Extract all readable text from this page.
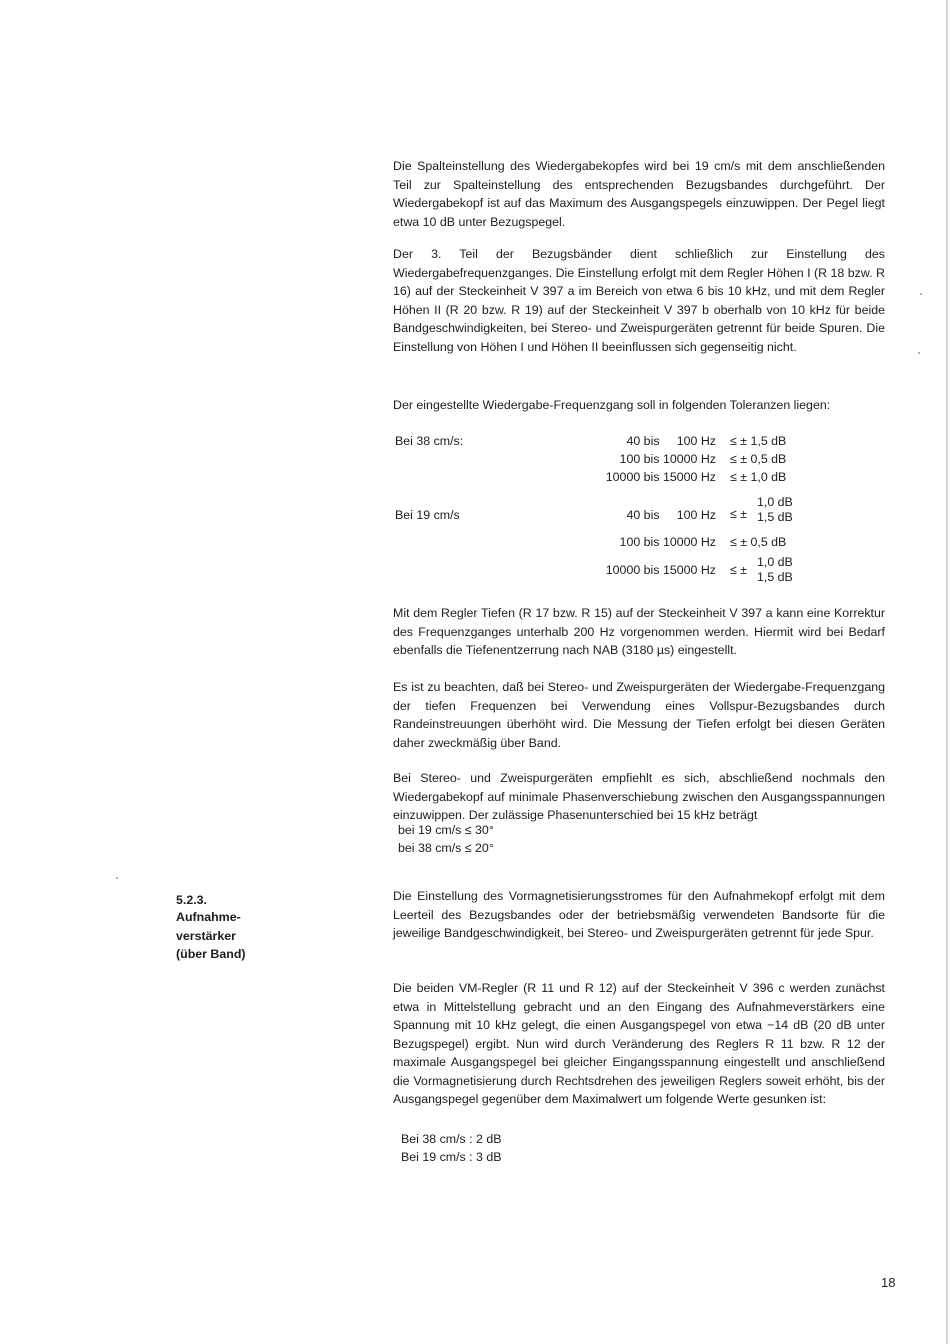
Die Spalteinstellung des Wiedergabekopfes wird bei 19 cm/s mit dem anschließenden Teil zur Spalteinstellung des entsprechenden Bezugsbandes durchgeführt. Der Wiedergabekopf ist auf das Maximum des Ausgangspegels einzuwippen. Der Pegel liegt etwa 10 dB unter Bezugspegel.

Der 3. Teil der Bezugsbänder dient schließlich zur Einstellung des Wiedergabefrequenzganges. Die Einstellung erfolgt mit dem Regler Höhen I (R 18 bzw. R 16) auf der Steckeinheit V 397 a im Bereich von etwa 6 bis 10 kHz, und mit dem Regler Höhen II (R 20 bzw. R 19) auf der Steckeinheit V 397 b oberhalb von 10 kHz für beide Bandgeschwindigkeiten, bei Stereo- und Zweispurgeräten getrennt für beide Spuren. Die Einstellung von Höhen I und Höhen II beeinflussen sich gegenseitig nicht.

Der eingestellte Wiedergabe-Frequenzgang soll in folgenden Toleranzen liegen:

Bei 38 cm/s:	40 bis     100 Hz ≤ ± 1,5 dB
100 bis 10000 Hz ≤ ± 0,5 dB
10000 bis 15000 Hz ≤ ± 1,0 dB
Bei 19 cm/s	40 bis     100 Hz ≤ ±
1,0 dB
1,5 dB
100 bis 10000 Hz ≤ ± 0,5 dB
10000 bis 15000 Hz ≤ ±
1,0 dB
1,5 dB

Mit dem Regler Tiefen (R 17 bzw. R 15) auf der Steckeinheit V 397 a kann eine Korrektur des Frequenzganges unterhalb 200 Hz vorgenommen werden. Hiermit wird bei Bedarf ebenfalls die Tiefenentzerrung nach NAB (3180 µs) eingestellt.

Es ist zu beachten, daß bei Stereo- und Zweispurgeräten der Wiedergabe-Frequenzgang der tiefen Frequenzen bei Verwendung eines Vollspur-Bezugsbandes durch Randeinstreuungen überhöht wird. Die Messung der Tiefen erfolgt bei diesen Geräten daher zweckmäßig über Band.

Bei Stereo- und Zweispurgeräten empfiehlt es sich, abschließend nochmals den Wiedergabekopf auf minimale Phasenverschiebung zwischen den Ausgangsspannungen einzuwippen. Der zulässige Phasenunterschied bei 15 kHz beträgt

bei 19 cm/s ≤ 30°
bei 38 cm/s ≤ 20°
5.2.3.
Aufnahme-
verstärker
(über Band)

Die Einstellung des Vormagnetisierungsstromes für den Aufnahmekopf erfolgt mit dem Leerteil des Bezugsbandes oder der betriebsmäßig verwendeten Bandsorte für die jeweilige Bandgeschwindigkeit, bei Stereo- und Zweispurgeräten getrennt für jede Spur.

Die beiden VM-Regler (R 11 und R 12) auf der Steckeinheit V 396 c werden zunächst etwa in Mittelstellung gebracht und an den Eingang des Aufnahmeverstärkers eine Spannung mit 10 kHz gelegt, die einen Ausgangspegel von etwa −14 dB (20 dB unter Bezugspegel) ergibt. Nun wird durch Veränderung des Reglers R 11 bzw. R 12 der maximale Ausgangspegel bei gleicher Eingangsspannung eingestellt und anschließend die Vormagnetisierung durch Rechtsdrehen des jeweiligen Reglers soweit erhöht, bis der Ausgangspegel gegenüber dem Maximalwert um folgende Werte gesunken ist:

Bei 38 cm/s : 2 dB
Bei 19 cm/s : 3 dB
18
